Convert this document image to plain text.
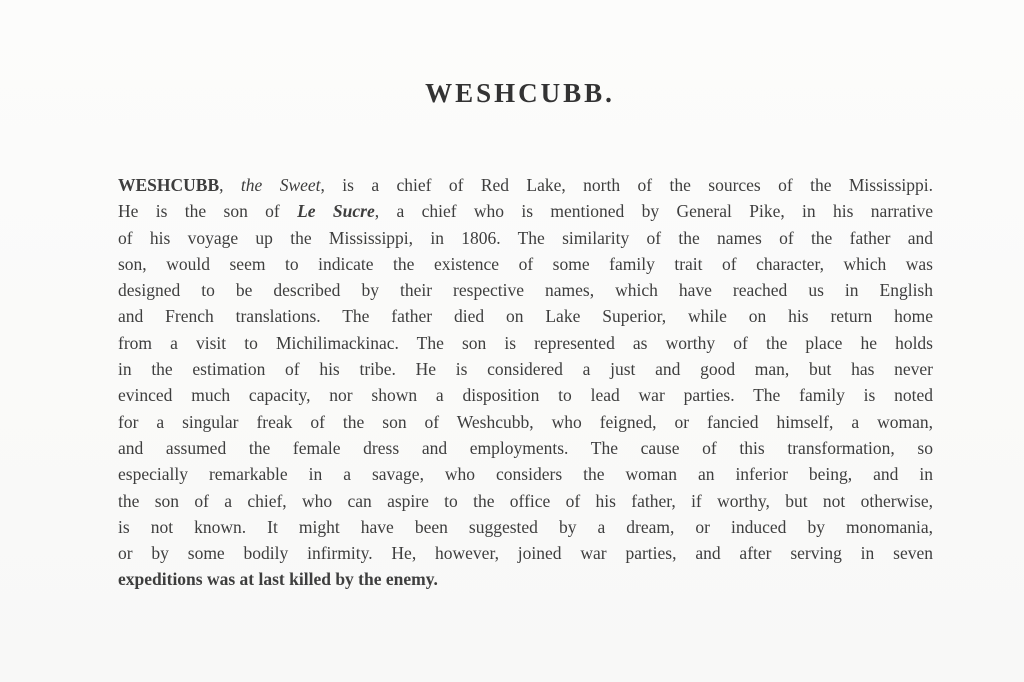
WESHCUBB.
WESHCUBB, the Sweet, is a chief of Red Lake, north of the sources of the Mississippi.
He is the son of Le Sucre, a chief who is mentioned by General Pike, in his narrative
of his voyage up the Mississippi, in 1806. The similarity of the names of the father and
son, would seem to indicate the existence of some family trait of character, which was
designed to be described by their respective names, which have reached us in English
and French translations. The father died on Lake Superior, while on his return home
from a visit to Michilimackinac. The son is represented as worthy of the place he holds
in the estimation of his tribe. He is considered a just and good man, but has never
evinced much capacity, nor shown a disposition to lead war parties. The family is noted
for a singular freak of the son of Weshcubb, who feigned, or fancied himself, a woman,
and assumed the female dress and employments. The cause of this transformation, so
especially remarkable in a savage, who considers the woman an inferior being, and in
the son of a chief, who can aspire to the office of his father, if worthy, but not otherwise,
is not known. It might have been suggested by a dream, or induced by monomania,
or by some bodily infirmity. He, however, joined war parties, and after serving in seven
expeditions was at last killed by the enemy.
